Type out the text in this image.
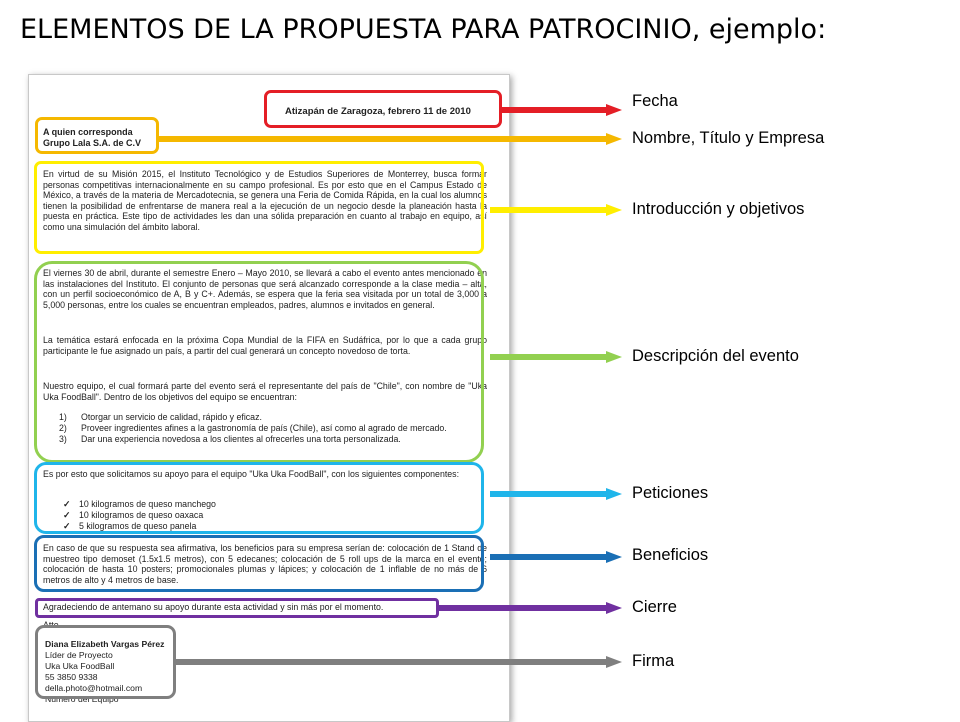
ELEMENTOS DE LA PROPUESTA PARA PATROCINIO, ejemplo:

Atizapán de Zaragoza, febrero 11 de 2010

A quien corresponda
Grupo Lala S.A. de C.V

En virtud de su Misión 2015, el Instituto Tecnológico y de Estudios Superiores de Monterrey, busca formar personas competitivas internacionalmente en su campo profesional. Es por esto que en el Campus Estado de México, a través de la materia de Mercadotecnia, se genera una Feria de Comida Rápida, en la cual los alumnos tienen la posibilidad de enfrentarse de manera real a la ejecución de un negocio desde la planeación hasta la puesta en práctica. Este tipo de actividades les dan una sólida preparación en cuanto al trabajo en equipo, así como una simulación del ámbito laboral.

El viernes 30 de abril, durante el semestre Enero – Mayo 2010, se llevará a cabo el evento antes mencionado en las instalaciones del Instituto. El conjunto de personas que será alcanzado corresponde a la clase media – alta, con un perfil socioeconómico de A, B y C+. Además, se espera que la feria sea visitada por un total de 3,000 a 5,000 personas, entre los cuales se encuentran empleados, padres, alumnos e invitados en general.

La temática estará enfocada en la próxima Copa Mundial de la FIFA en Sudáfrica, por lo que a cada grupo participante le fue asignado un país, a partir del cual generará un concepto novedoso de torta.

Nuestro equipo, el cual formará parte del evento será el representante del país de "Chile", con nombre de "Uka Uka FoodBall". Dentro de los objetivos del equipo se encuentran:

1) Otorgar un servicio de calidad, rápido y eficaz.
2) Proveer ingredientes afines a la gastronomía de país (Chile), así como al agrado de mercado.
3) Dar una experiencia novedosa a los clientes al ofrecerles una torta personalizada.

Es por esto que solicitamos su apoyo para el equipo "Uka Uka FoodBall", con los siguientes componentes:

✓ 10 kilogramos de queso manchego
✓ 10 kilogramos de queso oaxaca
✓ 5 kilogramos de queso panela

En caso de que su respuesta sea afirmativa, los beneficios para su empresa serían de: colocación de 1 Stand de muestreo tipo demoset (1.5x1.5 metros), con 5 edecanes; colocación de 5 roll ups de la marca en el evento; colocación de hasta 10 posters; promocionales plumas y lápices; y colocación de 1 inflable de no más de 6 metros de alto y 4 metros de base.

Agradeciendo de antemano su apoyo durante esta actividad y sin más por el momento.

Atte.

Diana Elizabeth Vargas Pérez
Líder de Proyecto
Uka Uka FoodBall
55 3850 9338
della.photo@hotmail.com
Número del Equipo
Fecha
Nombre, Título y Empresa
Introducción y objetivos
Descripción del evento
Peticiones
Beneficios
Cierre
Firma
